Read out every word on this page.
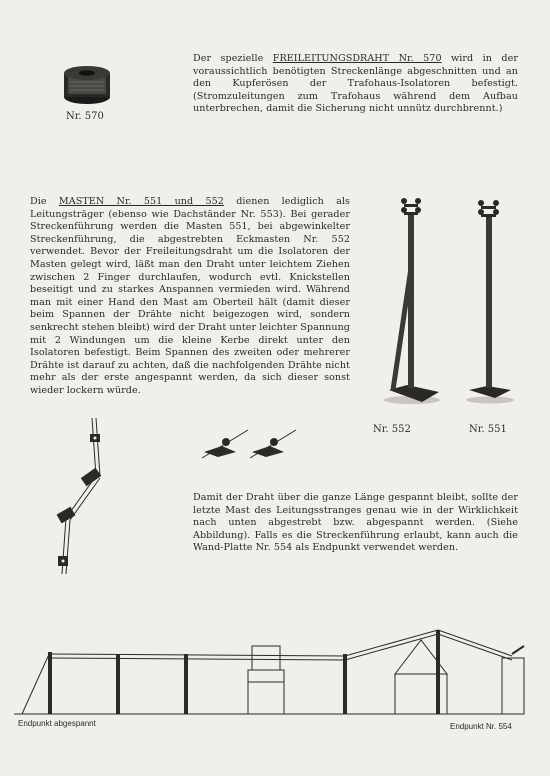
Nr. 570
Der spezielle FREILEITUNGSDRAHT Nr. 570 wird in der voraussichtlich benötigten Streckenlänge abgeschnitten und an den Kupferösen der Trafohaus-Isolatoren befestigt. (Stromzuleitungen zum Trafohaus während dem Aufbau unterbrechen, damit die Sicherung nicht unnütz durchbrennt.)
Die MASTEN Nr. 551 und 552 dienen lediglich als Leitungsträger (ebenso wie Dachständer Nr. 553). Bei gerader Streckenführung werden die Masten 551, bei abgewinkelter Streckenführung, die abgestrebten Eckmasten Nr. 552 verwendet. Bevor der Freileitungsdraht um die Isolatoren der Masten gelegt wird, läßt man den Draht unter leichtem Ziehen zwischen 2 Finger durchlaufen, wodurch evtl. Knickstellen beseitigt und zu starkes Anspannen vermieden wird. Während man mit einer Hand den Mast am Oberteil hält (damit dieser beim Spannen der Drähte nicht beigezogen wird, sondern senkrecht stehen bleibt) wird der Draht unter leichter Spannung mit 2 Windungen um die kleine Kerbe direkt unter den Isolatoren befestigt. Beim Spannen des zweiten oder mehrerer Drähte ist darauf zu achten, daß die nachfolgenden Drähte nicht mehr als der erste angespannt werden, da sich dieser sonst wieder lockern würde.
Nr. 552	Nr. 551
Damit der Draht über die ganze Länge gespannt bleibt, sollte der letzte Mast des Leitungsstranges genau wie in der Wirklichkeit nach unten abgestrebt bzw. abgespannt werden. (Siehe Abbildung). Falls es die Streckenführung erlaubt, kann auch die Wand-Platte Nr. 554 als Endpunkt verwendet werden.
Endpunkt abgespannt	Endpunkt Nr. 554
